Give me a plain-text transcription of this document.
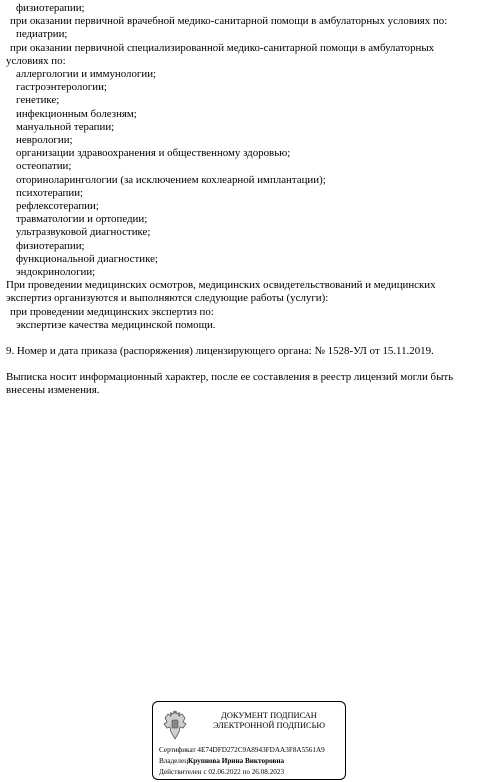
физиотерапии;
при оказании первичной врачебной медико-санитарной помощи в амбулаторных условиях по:
педиатрии;
при оказании первичной специализированной медико-санитарной помощи в амбулаторных
условиях по:
аллергологии и иммунологии;
гастроэнтерологии;
генетике;
инфекционным болезням;
мануальной терапии;
неврологии;
организации здравоохранения и общественному здоровью;
остеопатии;
оториноларингологии (за исключением кохлеарной имплантации);
психотерапии;
рефлексотерапии;
травматологии и ортопедии;
ультразвуковой диагностике;
физиотерапии;
функциональной диагностике;
эндокринологии;
При проведении медицинских осмотров, медицинских освидетельствований и медицинских
экспертиз организуются и выполняются следующие работы (услуги):
при проведении медицинских экспертиз по:
экспертизе качества медицинской помощи.
9. Номер и дата приказа (распоряжения) лицензирующего органа: № 1528-УЛ от 15.11.2019.
Выписка носит информационный характер, после ее составления в реестр лицензий могли быть внесены изменения.
ДОКУМЕНТ ПОДПИСАН
ЭЛЕКТРОННОЙ ПОДПИСЬЮ
Сертификат 4E74DFD272C9A8943FDAA3F8A5561A9
ВладелецКрупнова Ирина Викторовна
Действителен с 02.06.2022 по 26.08.2023
